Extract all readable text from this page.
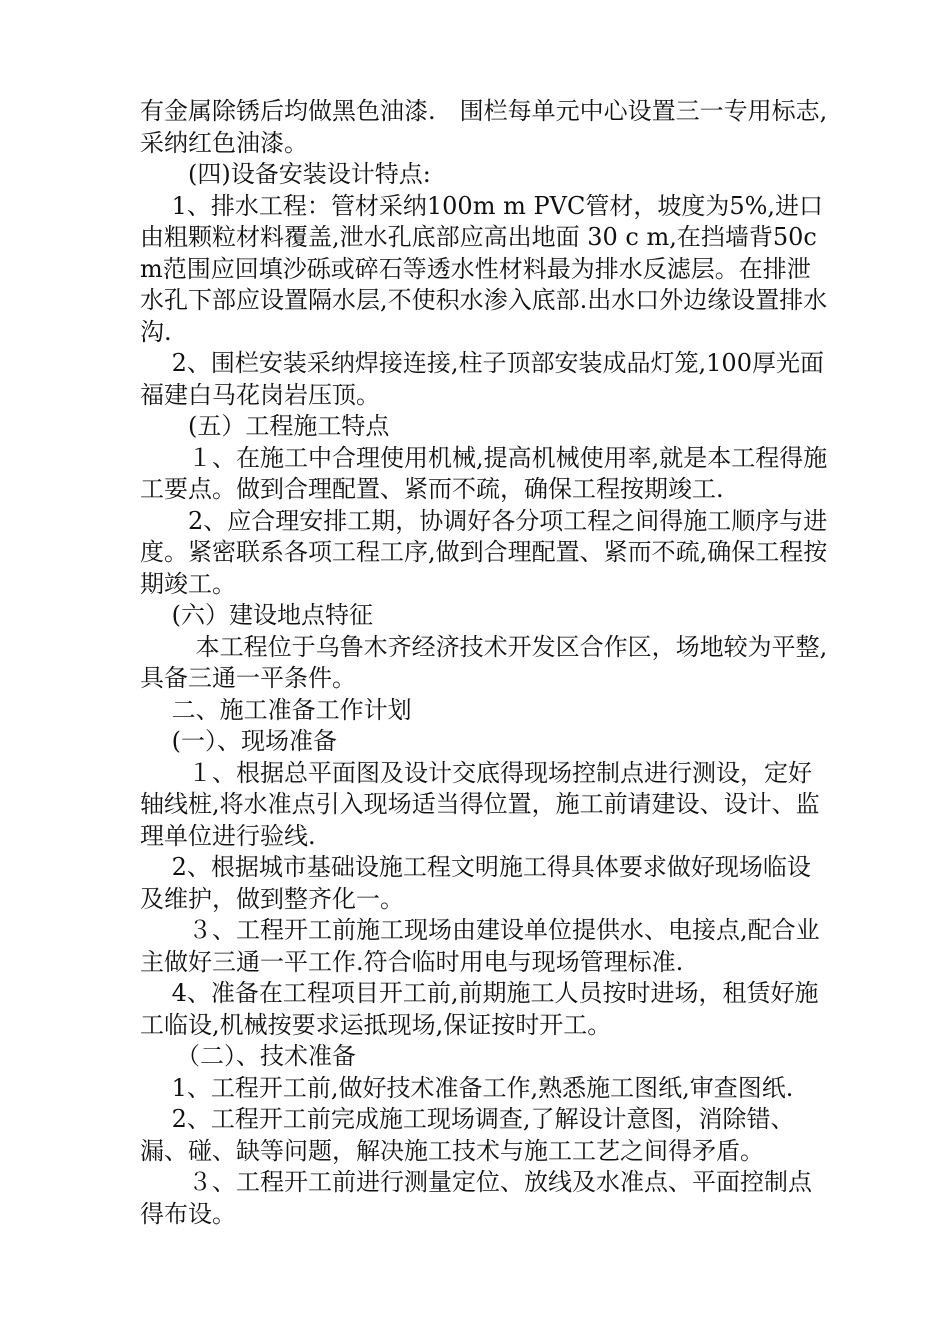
有金属除锈后均做黑色油漆.　围栏每单元中心设置三一专用标志,采纳红色油漆。

　　(四)设备安装设计特点:

　 1、排水工程：管材采纳100m m PVC管材，坡度为5%,进口由粗颗粒材料覆盖,泄水孔底部应高出地面 30 c m,在挡墙背50c m范围应回填沙砾或碎石等透水性材料最为排水反滤层。在排泄水孔下部应设置隔水层,不使积水渗入底部.出水口外边缘设置排水沟.

　 2、围栏安装采纳焊接连接,柱子顶部安装成品灯笼,100厚光面福建白马花岗岩压顶。

　　(五）工程施工特点

　　１、在施工中合理使用机械,提高机械使用率,就是本工程得施工要点。做到合理配置、紧而不疏，确保工程按期竣工.

　　2、应合理安排工期，协调好各分项工程之间得施工顺序与进度。紧密联系各项工程工序,做到合理配置、紧而不疏,确保工程按期竣工。

　 (六）建设地点特征

　　 本工程位于乌鲁木齐经济技术开发区合作区，场地较为平整,具备三通一平条件。

　 二、施工准备工作计划

　 (一）、现场准备

　　１、根据总平面图及设计交底得现场控制点进行测设，定好轴线桩,将水准点引入现场适当得位置，施工前请建设、设计、监理单位进行验线.

　 2、根据城市基础设施工程文明施工得具体要求做好现场临设及维护，做到整齐化一。

　　３、工程开工前施工现场由建设单位提供水、电接点,配合业主做好三通一平工作.符合临时用电与现场管理标准.

　 4、准备在工程项目开工前,前期施工人员按时进场，租赁好施工临设,机械按要求运抵现场,保证按时开工。

　　（二）、技术准备

　 1、工程开工前,做好技术准备工作,熟悉施工图纸,审查图纸.

　 2、工程开工前完成施工现场调查,了解设计意图，消除错、漏、碰、缺等问题，解决施工技术与施工工艺之间得矛盾。

　　３、工程开工前进行测量定位、放线及水准点、平面控制点得布设。
